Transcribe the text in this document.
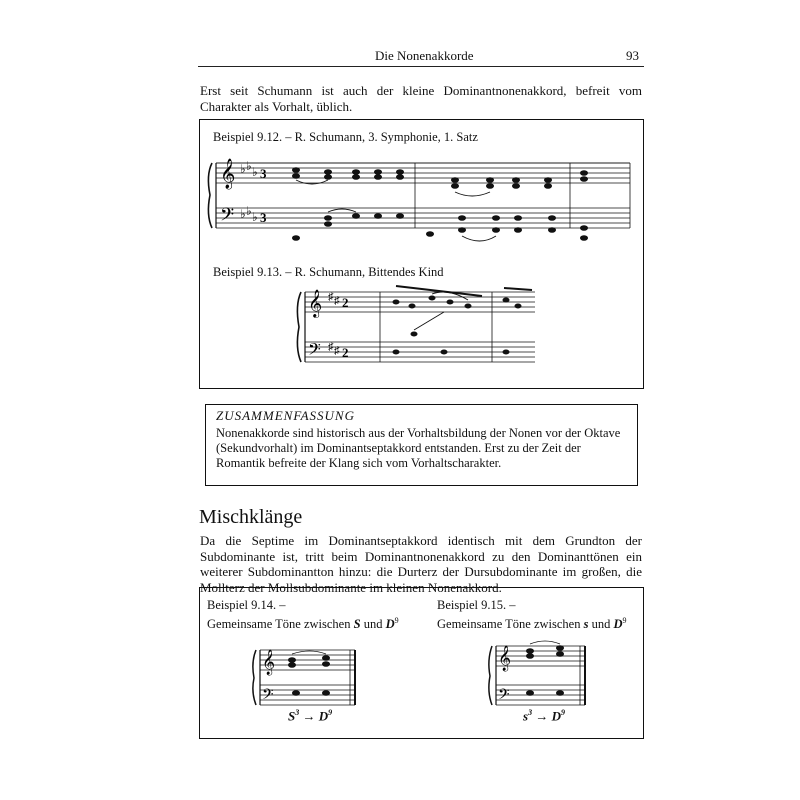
Die Nonenakkorde	93
Erst seit Schumann ist auch der kleine Dominantnonenakkord, befreit vom Charakter als Vorhalt, üblich.
Beispiel 9.12. – R. Schumann, 3. Symphonie, 1. Satz
𝄞
𝄢
♭ ♭ ♭
♭ ♭ ♭
3
3
Beispiel 9.13. – R. Schumann, Bittendes Kind
𝄞
𝄢
♯ ♯
♯ ♯
2
2
ZUSAMMENFASSUNG
Nonenakkorde sind historisch aus der Vorhaltsbildung der Nonen vor der Oktave (Sekundvorhalt) im Dominantseptakkord entstanden. Erst zu der Zeit der Romantik befreite der Klang sich vom Vorhaltscharakter.
Mischklänge
Da die Septime im Dominantseptakkord identisch mit dem Grundton der Subdominante ist, tritt beim Dominantnonenakkord zu den Dominanttönen ein weiterer Subdominantton hinzu: die Durterz der Dursubdominante im großen, die Mollterz der Mollsubdominante im kleinen Nonenakkord.
Beispiel 9.14. –
Gemeinsame Töne zwischen S und $D^9$
Beispiel 9.15. –
Gemeinsame Töne zwischen s und $D^9$
𝄞
𝄢
$S^3 \to D^9$
𝄞
𝄢
$s^3 \to D^9$
